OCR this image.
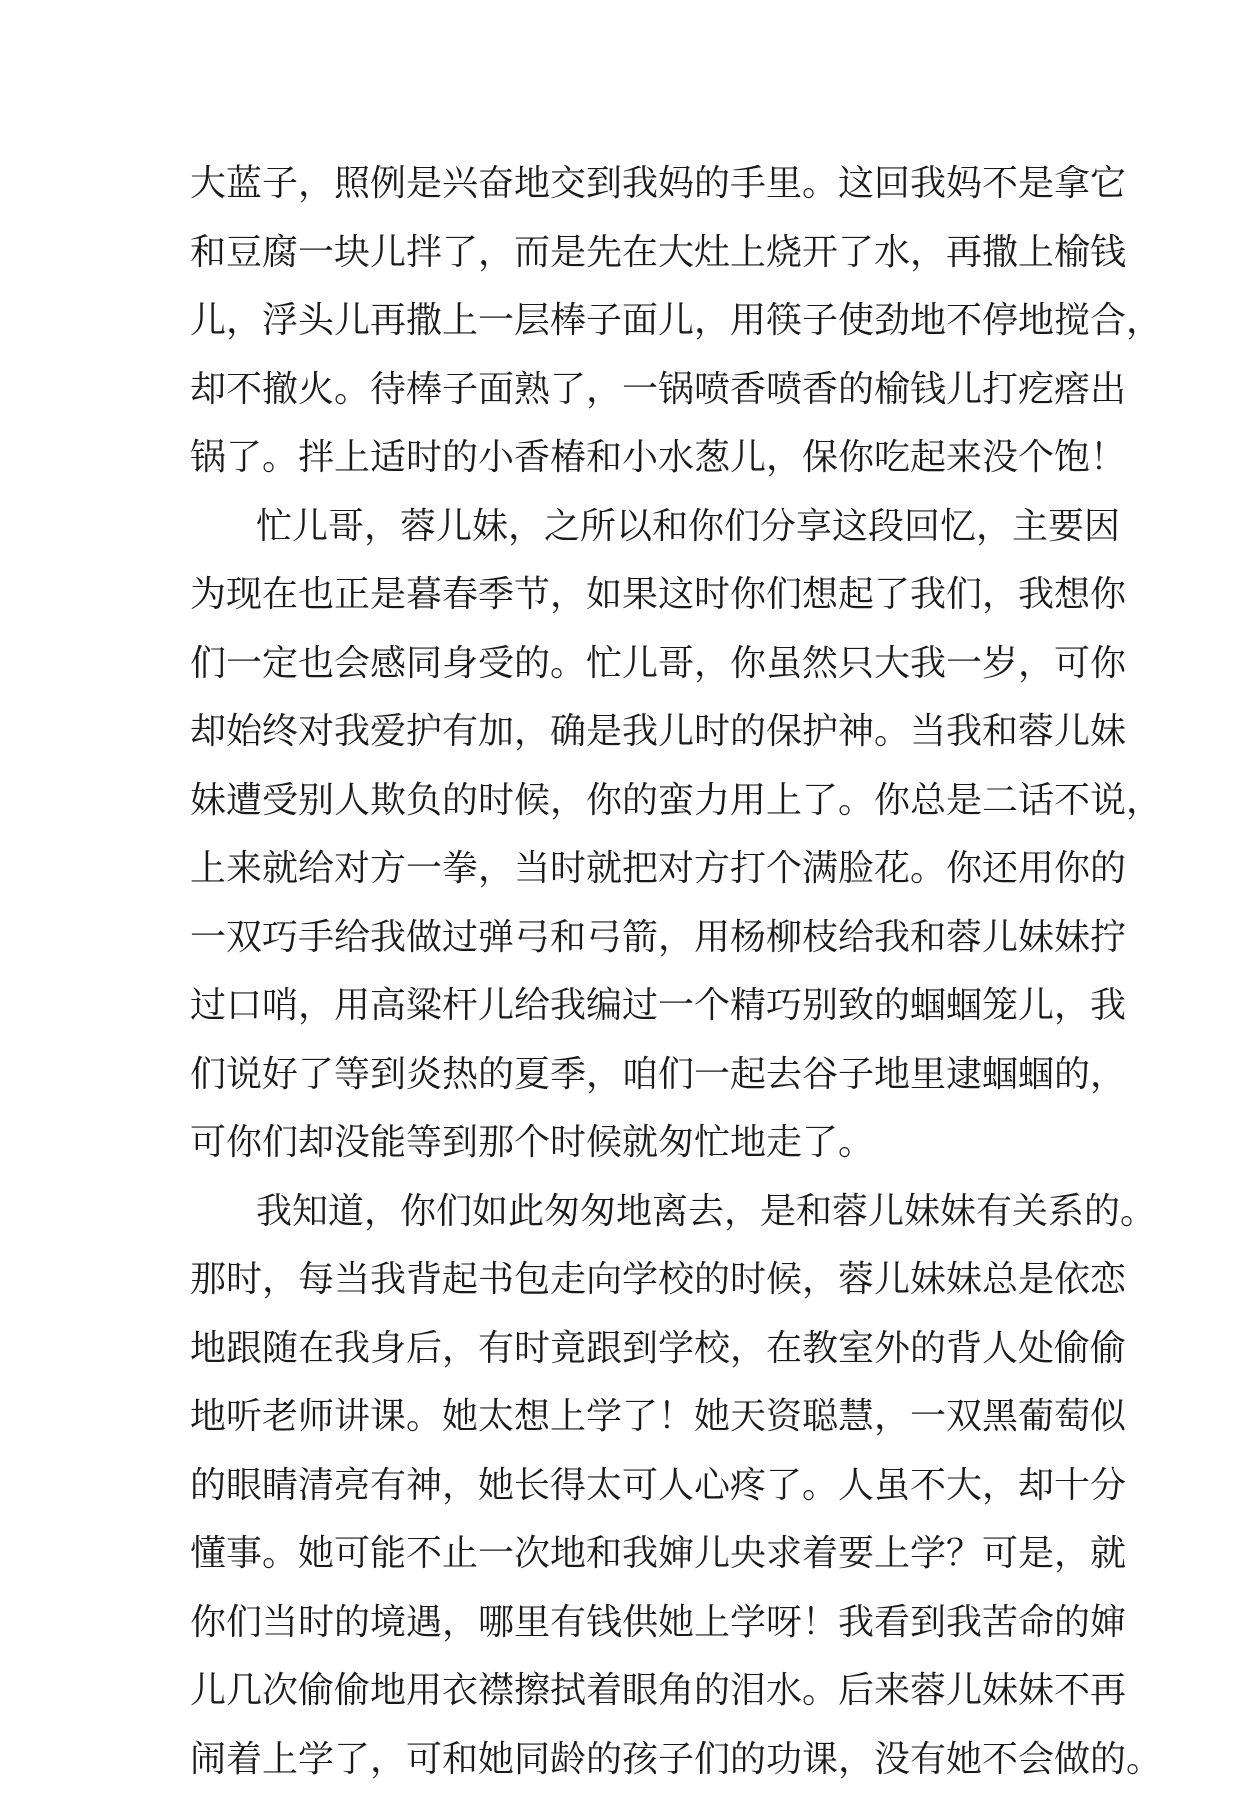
大蓝子，照例是兴奋地交到我妈的手里。这回我妈不是拿它
和豆腐一块儿拌了，而是先在大灶上烧开了水，再撒上榆钱
儿，浮头儿再撒上一层棒子面儿，用筷子使劲地不停地搅合，
却不撤火。待棒子面熟了，一锅喷香喷香的榆钱儿打疙瘩出
锅了。拌上适时的小香椿和小水葱儿，保你吃起来没个饱！
忙儿哥，蓉儿妹，之所以和你们分享这段回忆，主要因
为现在也正是暮春季节，如果这时你们想起了我们，我想你
们一定也会感同身受的。忙儿哥，你虽然只大我一岁，可你
却始终对我爱护有加，确是我儿时的保护神。当我和蓉儿妹
妹遭受别人欺负的时候，你的蛮力用上了。你总是二话不说，
上来就给对方一拳，当时就把对方打个满脸花。你还用你的
一双巧手给我做过弹弓和弓箭，用杨柳枝给我和蓉儿妹妹拧
过口哨，用高粱杆儿给我编过一个精巧别致的蝈蝈笼儿，我
们说好了等到炎热的夏季，咱们一起去谷子地里逮蝈蝈的，
可你们却没能等到那个时候就匆忙地走了。
我知道，你们如此匆匆地离去，是和蓉儿妹妹有关系的。
那时，每当我背起书包走向学校的时候，蓉儿妹妹总是依恋
地跟随在我身后，有时竟跟到学校，在教室外的背人处偷偷
地听老师讲课。她太想上学了！她天资聪慧，一双黑葡萄似
的眼睛清亮有神，她长得太可人心疼了。人虽不大，却十分
懂事。她可能不止一次地和我婶儿央求着要上学？可是，就
你们当时的境遇，哪里有钱供她上学呀！我看到我苦命的婶
儿几次偷偷地用衣襟擦拭着眼角的泪水。后来蓉儿妹妹不再
闹着上学了，可和她同龄的孩子们的功课，没有她不会做的。
